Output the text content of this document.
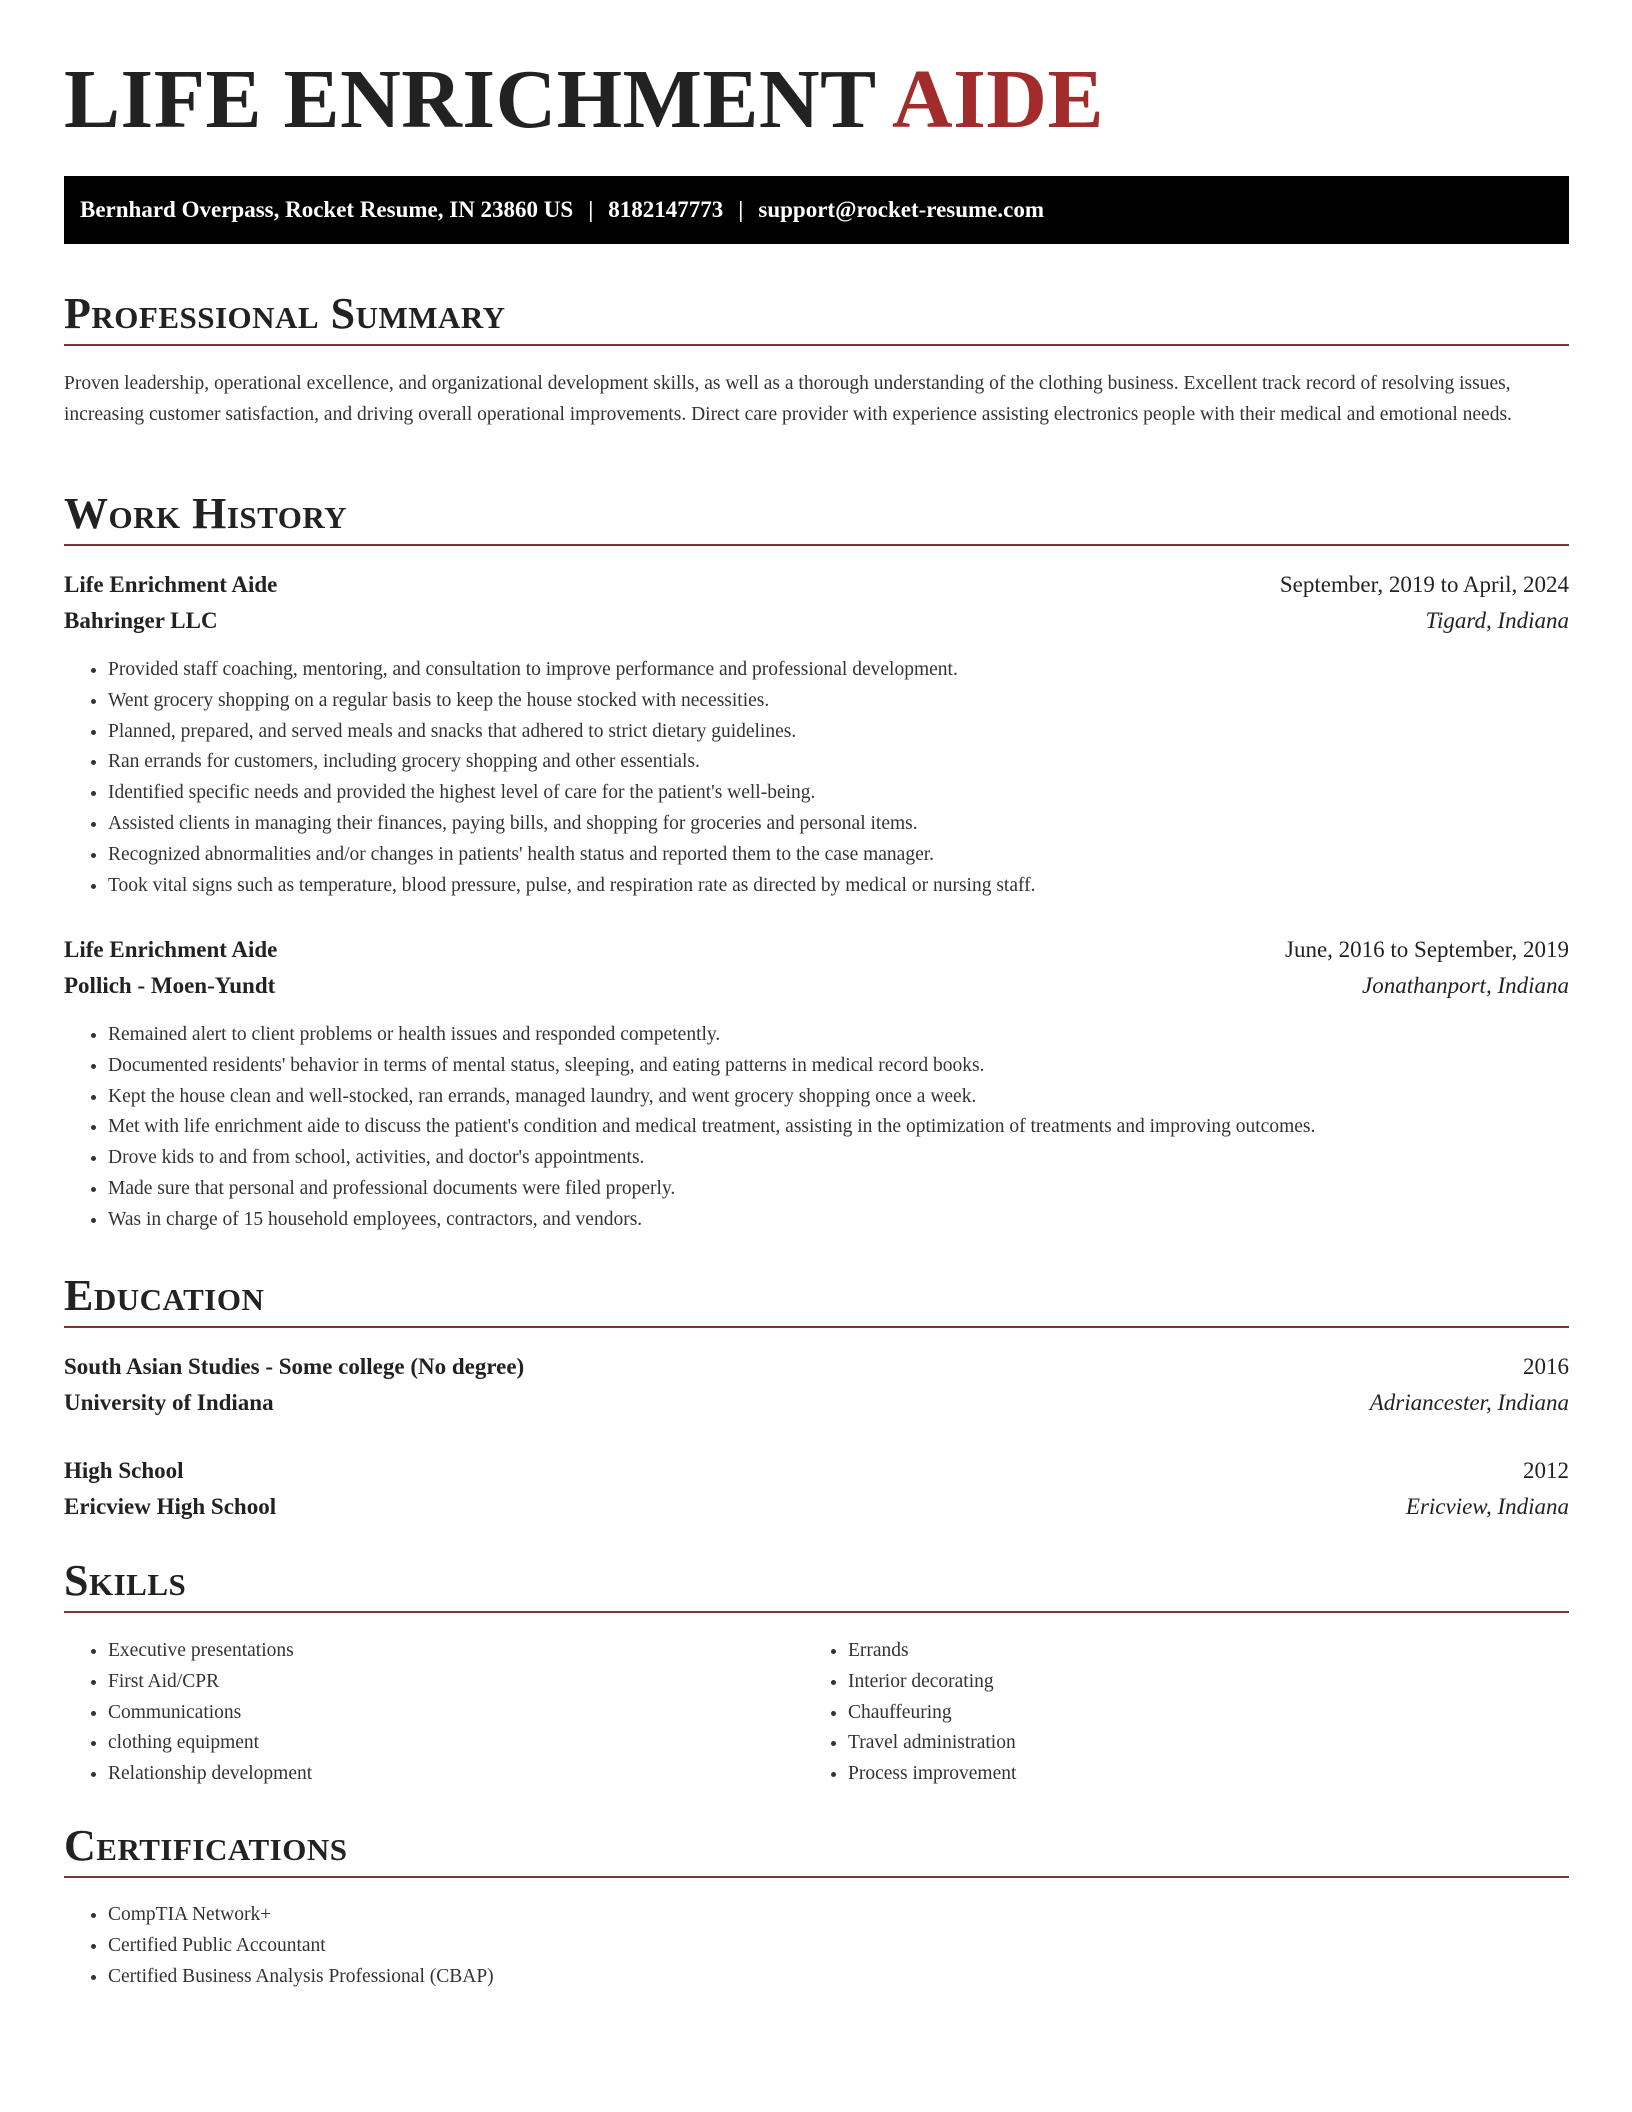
LIFE ENRICHMENT AIDE
Bernhard Overpass, Rocket Resume, IN 23860 US | 8182147773 | support@rocket-resume.com
Professional Summary

Proven leadership, operational excellence, and organizational development skills, as well as a thorough understanding of the clothing business. Excellent track record of resolving issues, increasing customer satisfaction, and driving overall operational improvements. Direct care provider with experience assisting electronics people with their medical and emotional needs.

Work History
Life Enrichment Aide	September, 2019 to April, 2024
Bahringer LLC	Tigard, Indiana
• Provided staff coaching, mentoring, and consultation to improve performance and professional development.
• Went grocery shopping on a regular basis to keep the house stocked with necessities.
• Planned, prepared, and served meals and snacks that adhered to strict dietary guidelines.
• Ran errands for customers, including grocery shopping and other essentials.
• Identified specific needs and provided the highest level of care for the patient's well-being.
• Assisted clients in managing their finances, paying bills, and shopping for groceries and personal items.
• Recognized abnormalities and/or changes in patients' health status and reported them to the case manager.
• Took vital signs such as temperature, blood pressure, pulse, and respiration rate as directed by medical or nursing staff.
Life Enrichment Aide	June, 2016 to September, 2019
Pollich - Moen-Yundt	Jonathanport, Indiana
• Remained alert to client problems or health issues and responded competently.
• Documented residents' behavior in terms of mental status, sleeping, and eating patterns in medical record books.
• Kept the house clean and well-stocked, ran errands, managed laundry, and went grocery shopping once a week.
• Met with life enrichment aide to discuss the patient's condition and medical treatment, assisting in the optimization of treatments and improving outcomes.
• Drove kids to and from school, activities, and doctor's appointments.
• Made sure that personal and professional documents were filed properly.
• Was in charge of 15 household employees, contractors, and vendors.
Education
South Asian Studies - Some college (No degree)	2016
University of Indiana	Adriancester, Indiana
High School	2012
Ericview High School	Ericview, Indiana
Skills
• Executive presentations
• First Aid/CPR
• Communications
• clothing equipment
• Relationship development
• Errands
• Interior decorating
• Chauffeuring
• Travel administration
• Process improvement
Certifications
• CompTIA Network+
• Certified Public Accountant
• Certified Business Analysis Professional (CBAP)
